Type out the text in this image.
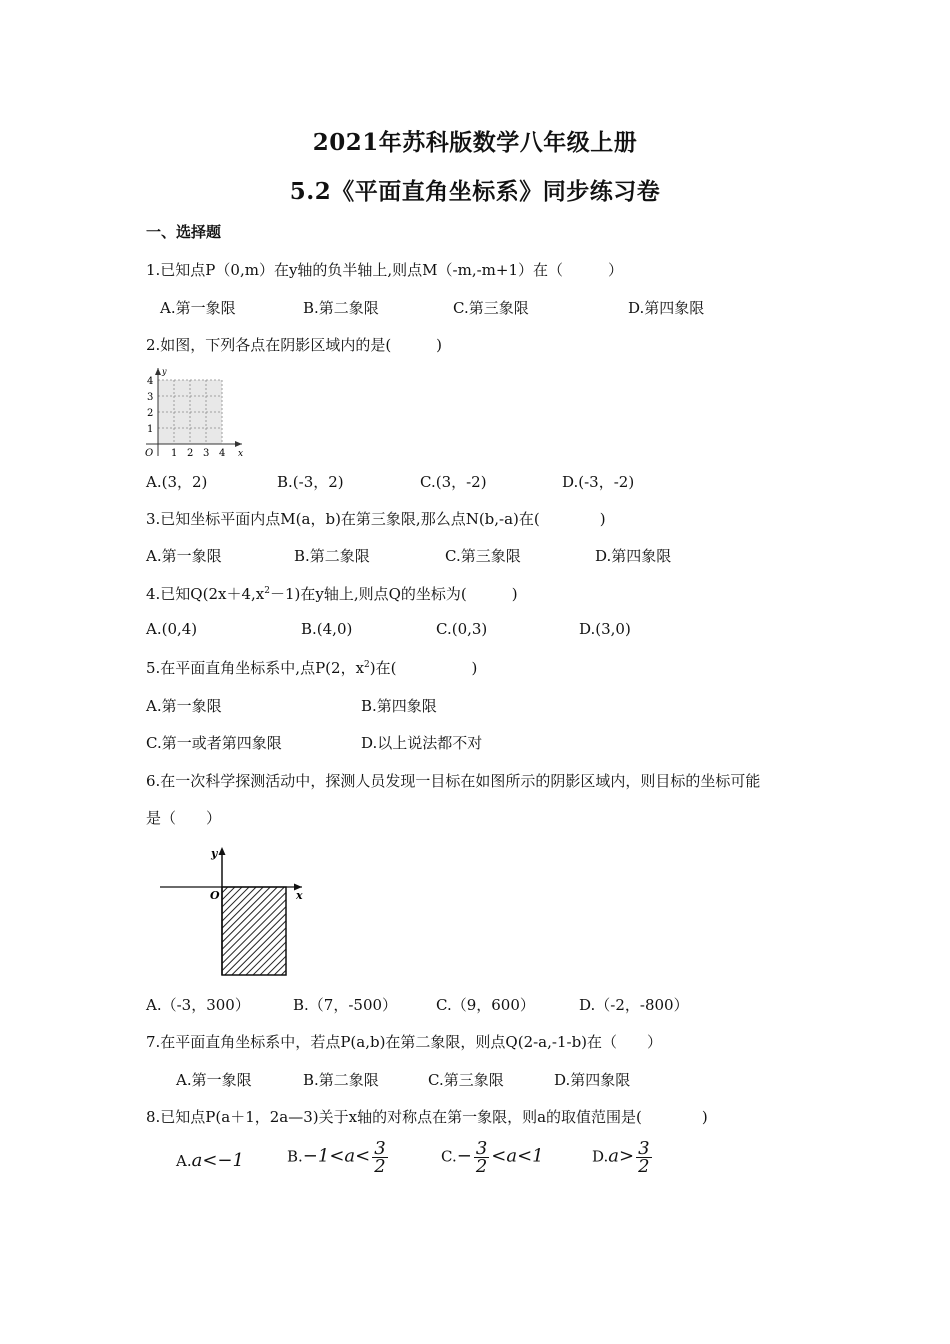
2021年苏科版数学八年级上册
5.2《平面直角坐标系》同步练习卷
一、选择题
1.已知点P（0,m）在y轴的负半轴上,则点M（-m,-m+1）在（　　　）
A.第一象限	B.第二象限	C.第三象限	D.第四象限
2.如图，下列各点在阴影区域内的是(　　　)
y
x
O 1 2 3 4
1
2
3
4
A.(3，2)	B.(-3，2)	C.(3，-2)	D.(-3，-2)
3.已知坐标平面内点M(a，b)在第三象限,那么点N(b,-a)在(　　　　)
A.第一象限	B.第二象限	C.第三象限	D.第四象限
4.已知$Q(2x+4,x^2-1)$在y轴上,则点Q的坐标为(　　　)
A.(0,4)	B.(4,0)	C.(0,3)	D.(3,0)
5.在平面直角坐标系中,点P(2，$x^2$)在(　　　　　)
A.第一象限	B.第四象限
C.第一或者第四象限	D.以上说法都不对
6.在一次科学探测活动中，探测人员发现一目标在如图所示的阴影区域内，则目标的坐标可能
是（　　）
y
x
O
A.（-3，300）	B.（7，-500）	C.（9，600）	D.（-2，-800）
7.在平面直角坐标系中，若点P(a,b)在第二象限，则点Q(2-a,-1-b)在（　　）
A.第一象限	B.第二象限	C.第三象限	D.第四象限
8.已知点P(a＋1，2a—3)关于x轴的对称点在第一象限，则a的取值范围是(　　　　)
A.a<−1	$B.-1<a< \frac{3}{2}$	$C.- \frac{3}{2} <a<1$	$D.a> \frac{3}{2}$
